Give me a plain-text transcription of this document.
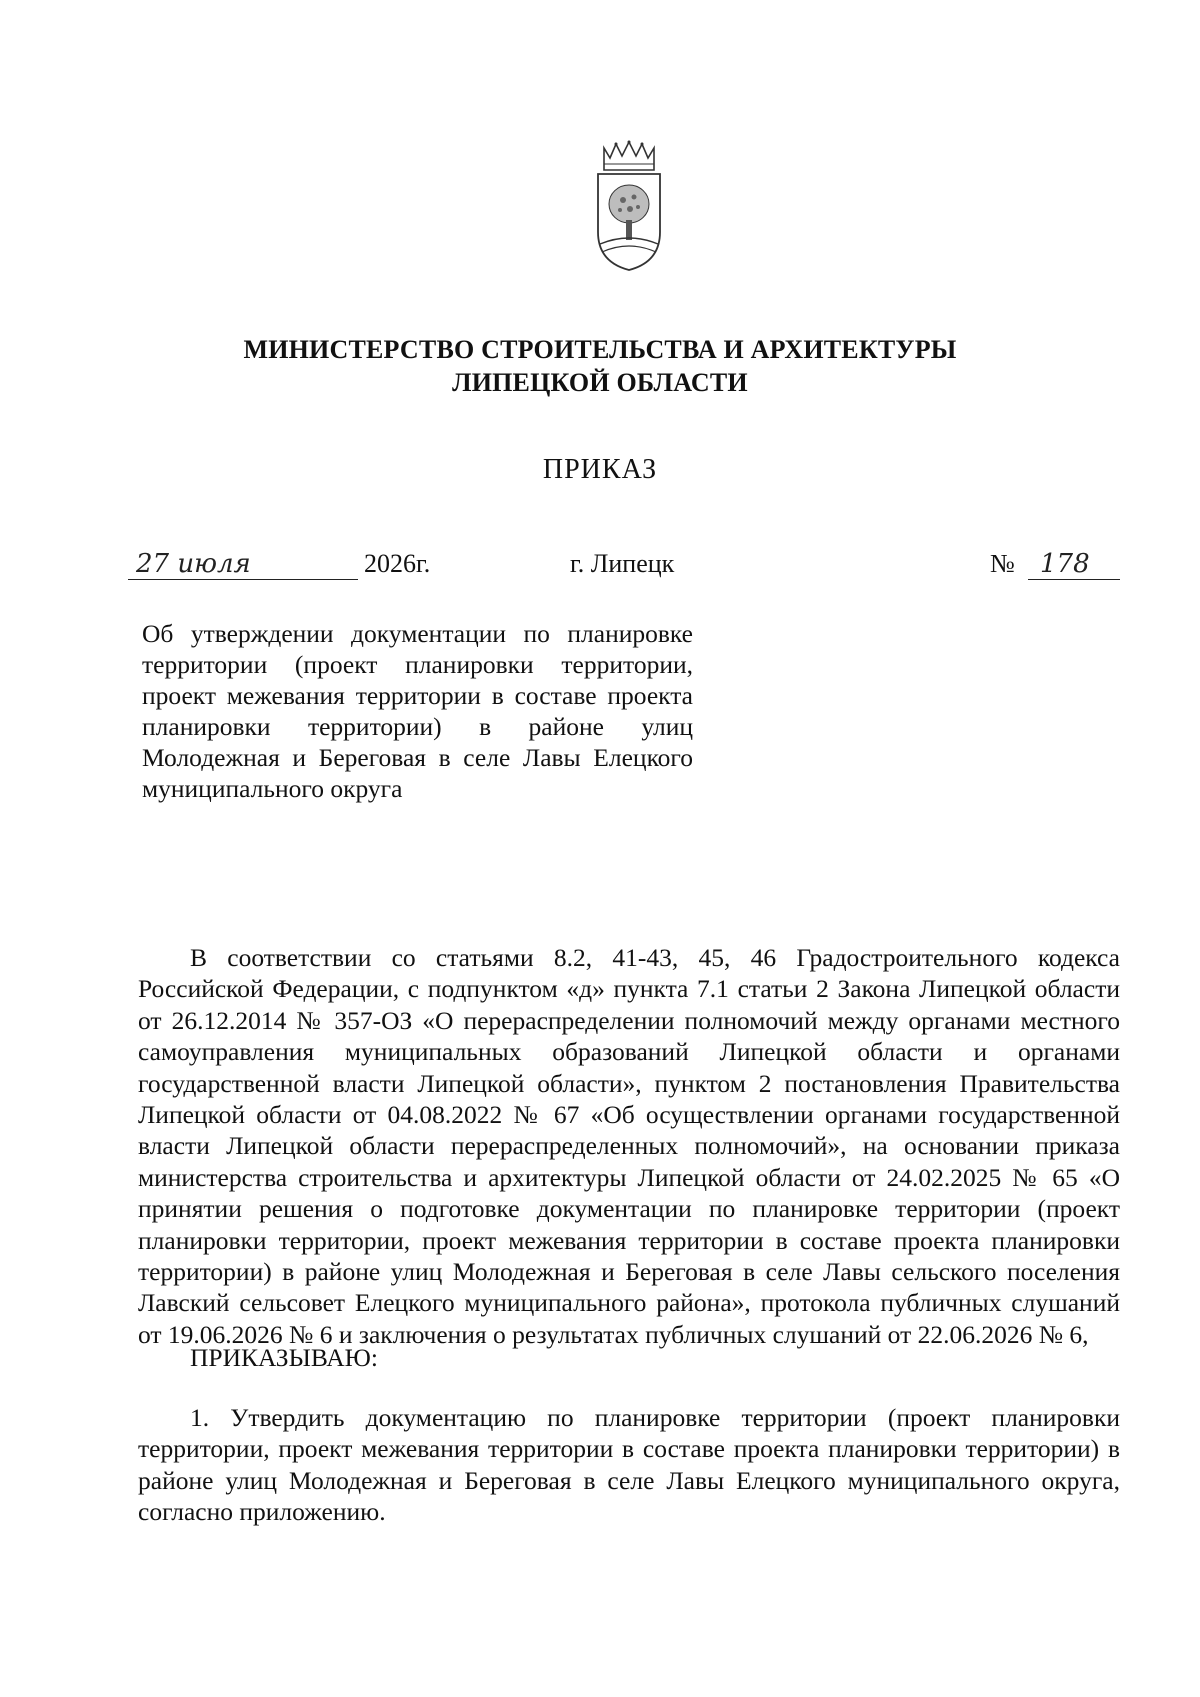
МИНИСТЕРСТВО СТРОИТЕЛЬСТВА И АРХИТЕКТУРЫ
ЛИПЕЦКОЙ ОБЛАСТИ
ПРИКАЗ
27 июля	2026г.	г. Липецк	№ 178
Об утверждении документации по планировке территории (проект планировки территории, проект межевания территории в составе проекта планировки территории) в районе улиц Молодежная и Береговая в селе Лавы Елецкого муниципального округа
В соответствии со статьями 8.2, 41-43, 45, 46 Градостроительного кодекса Российской Федерации, с подпунктом «д» пункта 7.1 статьи 2 Закона Липецкой области от 26.12.2014 № 357-ОЗ «О перераспределении полномочий между органами местного самоуправления муниципальных образований Липецкой области и органами государственной власти Липецкой области», пунктом 2 постановления Правительства Липецкой области от 04.08.2022 № 67 «Об осуществлении органами государственной власти Липецкой области перераспределенных полномочий», на основании приказа министерства строительства и архитектуры Липецкой области от 24.02.2025 № 65 «О принятии решения о подготовке документации по планировке территории (проект планировки территории, проект межевания территории в составе проекта планировки территории) в районе улиц Молодежная и Береговая в селе Лавы сельского поселения Лавский сельсовет Елецкого муниципального района», протокола публичных слушаний от 19.06.2026 № 6 и заключения о результатах публичных слушаний от 22.06.2026 № 6,
ПРИКАЗЫВАЮ:
1. Утвердить документацию по планировке территории (проект планировки территории, проект межевания территории в составе проекта планировки территории) в районе улиц Молодежная и Береговая в селе Лавы Елецкого муниципального округа, согласно приложению.
